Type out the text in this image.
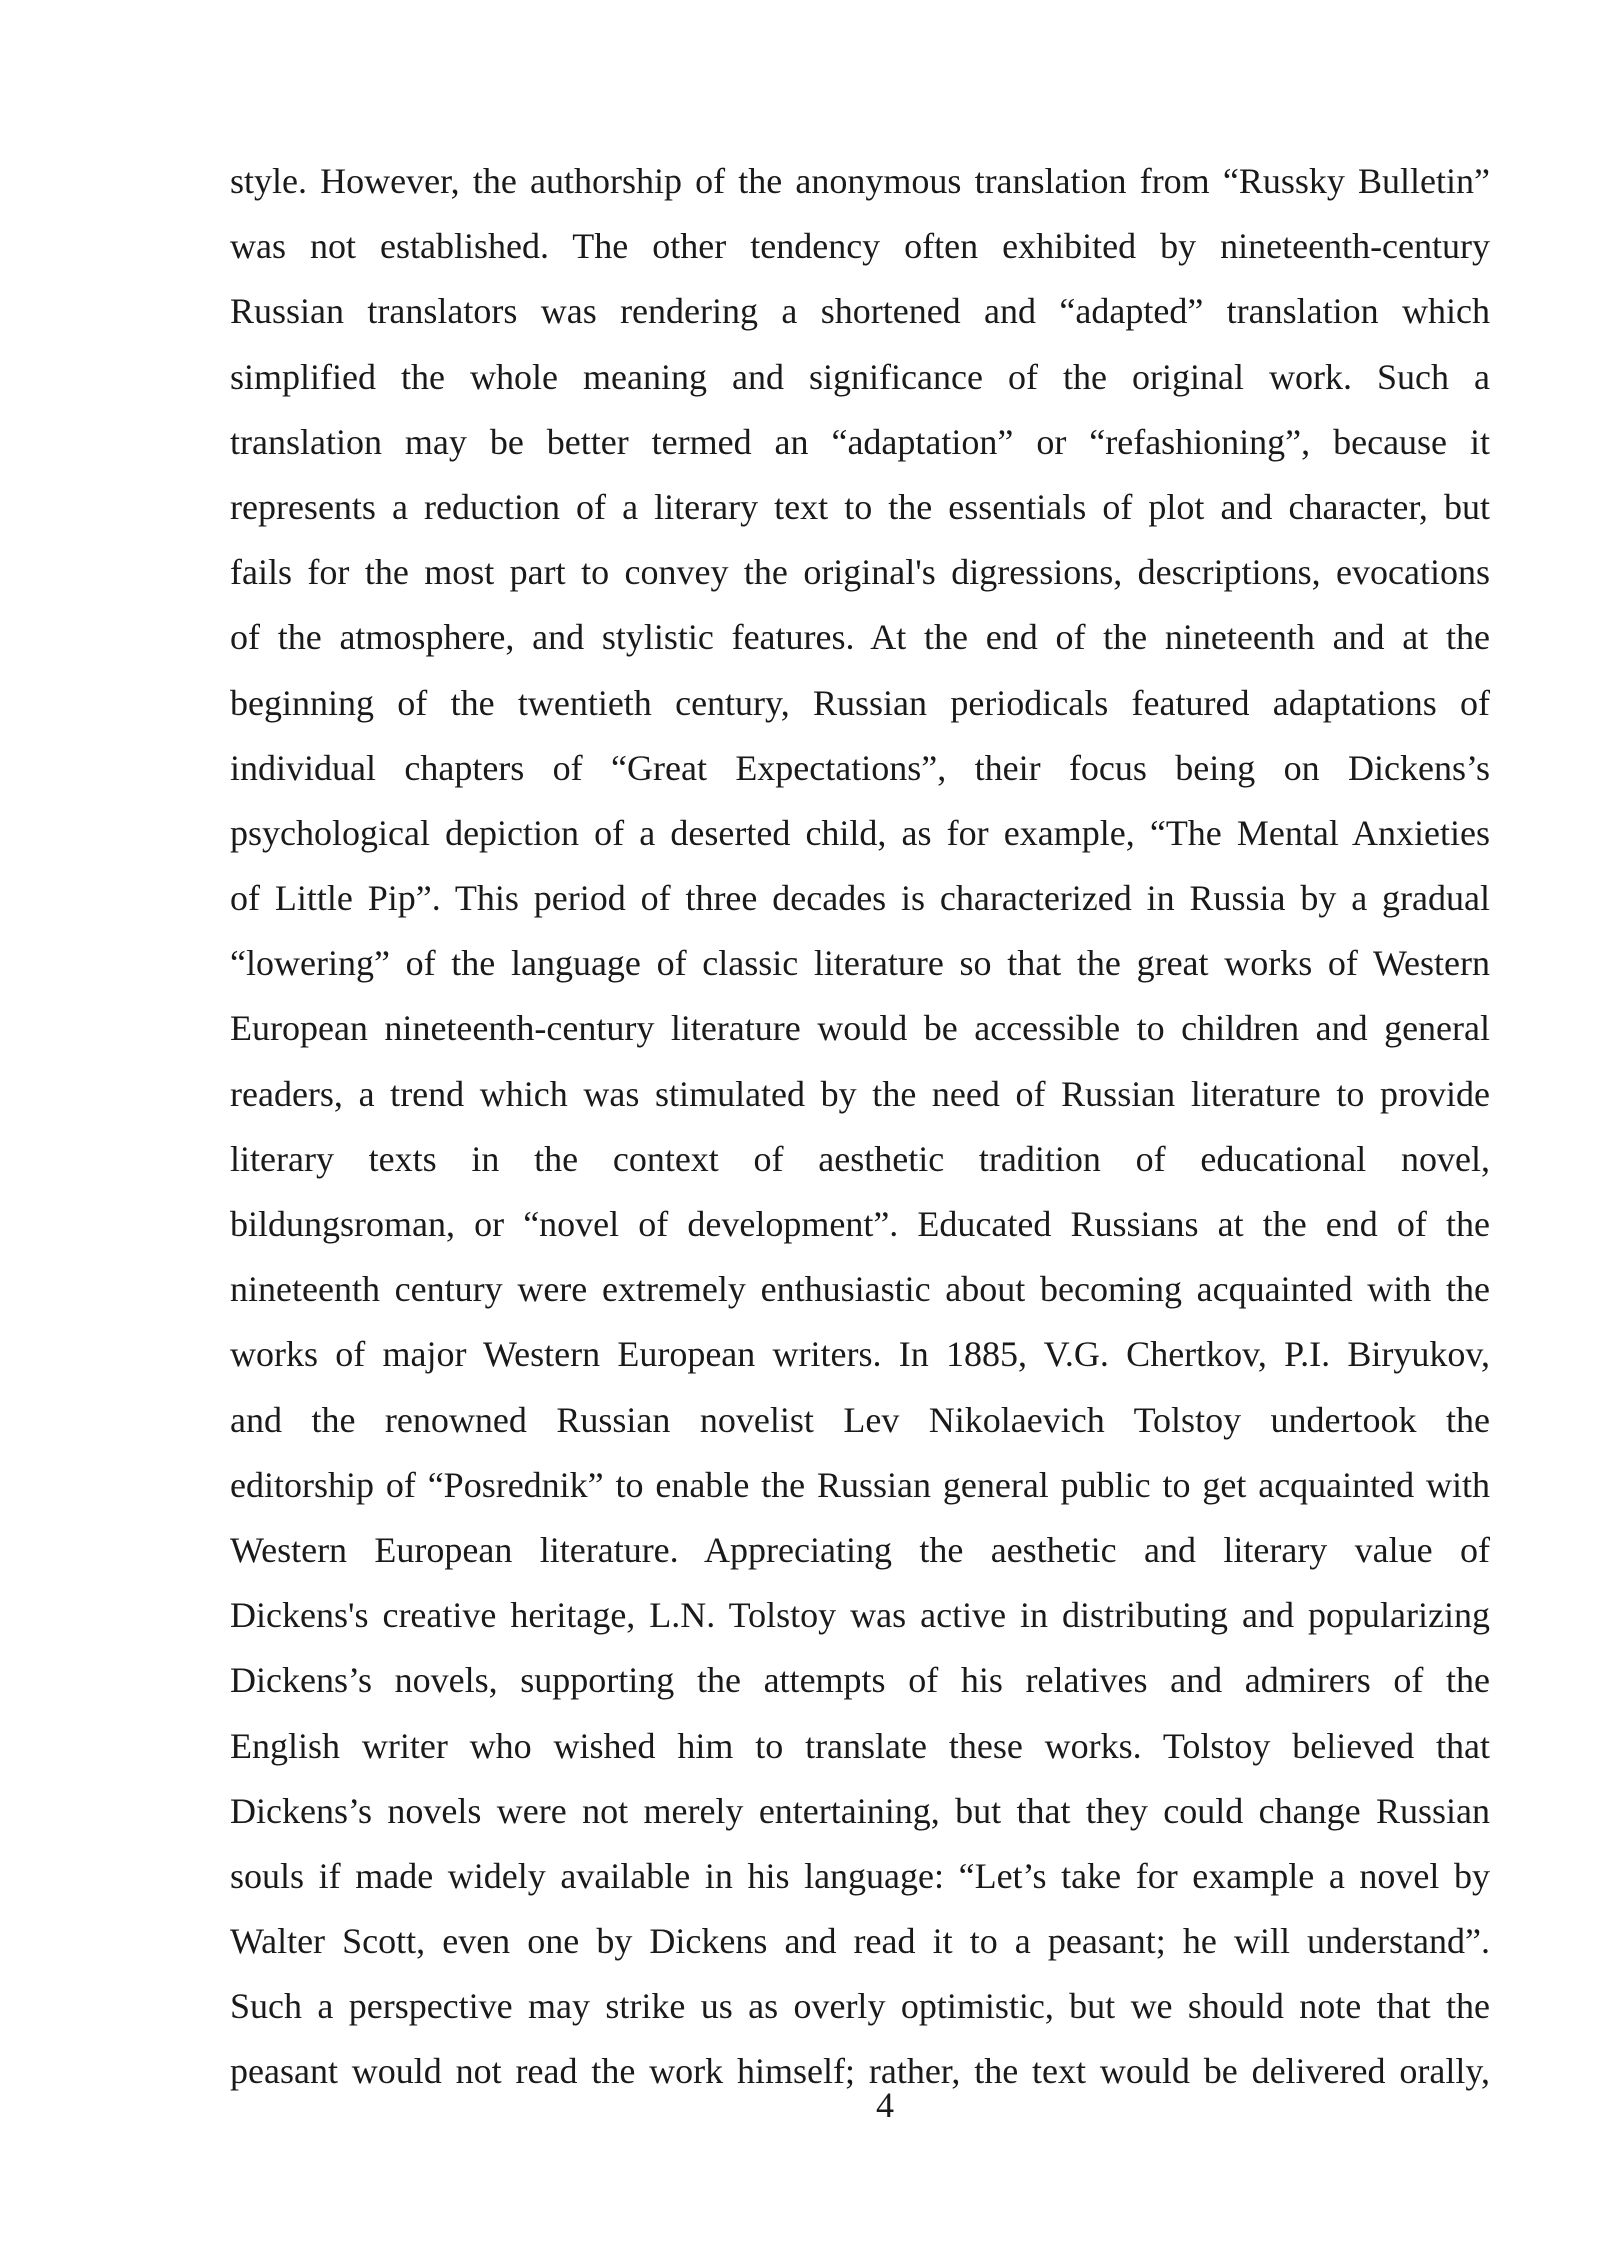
style. However, the authorship of the anonymous translation from “Russky Bulletin”
was not established. The other tendency often exhibited by nineteenth-century
Russian translators was rendering a shortened and “adapted” translation which
simplified the whole meaning and significance of the original work. Such a
translation may be better termed an “adaptation” or “refashioning”, because it
represents a reduction of a literary text to the essentials of plot and character, but
fails for the most part to convey the original's digressions, descriptions, evocations
of the atmosphere, and stylistic features. At the end of the nineteenth and at the
beginning of the twentieth century, Russian periodicals featured adaptations of
individual chapters of “Great Expectations”, their focus being on Dickens’s
psychological depiction of a deserted child, as for example, “The Mental Anxieties
of Little Pip”. This period of three decades is characterized in Russia by a gradual
“lowering” of the language of classic literature so that the great works of Western
European nineteenth-century literature would be accessible to children and general
readers, a trend which was stimulated by the need of Russian literature to provide
literary texts in the context of aesthetic tradition of educational novel,
bildungsroman, or “novel of development”. Educated Russians at the end of the
nineteenth century were extremely enthusiastic about becoming acquainted with the
works of major Western European writers. In 1885, V.G. Chertkov, P.I. Biryukov,
and the renowned Russian novelist Lev Nikolaevich Tolstoy undertook the
editorship of “Posrednik” to enable the Russian general public to get acquainted with
Western European literature. Appreciating the aesthetic and literary value of
Dickens's creative heritage, L.N. Tolstoy was active in distributing and popularizing
Dickens’s novels, supporting the attempts of his relatives and admirers of the
English writer who wished him to translate these works. Tolstoy believed that
Dickens’s novels were not merely entertaining, but that they could change Russian
souls if made widely available in his language: “Let’s take for example a novel by
Walter Scott, even one by Dickens and read it to a peasant; he will understand”.
Such a perspective may strike us as overly optimistic, but we should note that the
peasant would not read the work himself; rather, the text would be delivered orally,
4
